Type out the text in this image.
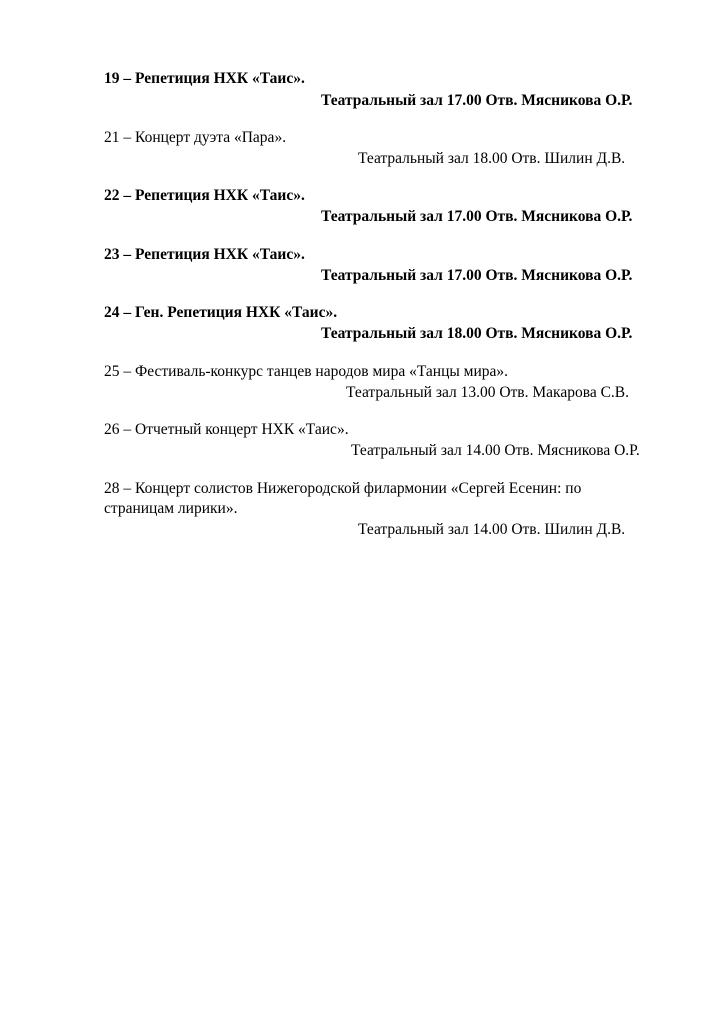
19 – Репетиция НХК «Таис».

Театральный зал 17.00 Отв. Мясникова О.Р.

21 – Концерт дуэта «Пара».

Театральный зал 18.00 Отв. Шилин Д.В.

22 – Репетиция НХК «Таис».

Театральный зал 17.00 Отв. Мясникова О.Р.

23 – Репетиция НХК «Таис».

Театральный зал 17.00 Отв. Мясникова О.Р.

24 – Ген. Репетиция НХК «Таис».

Театральный зал 18.00 Отв. Мясникова О.Р.

25 – Фестиваль-конкурс танцев народов мира «Танцы мира».

Театральный зал 13.00 Отв. Макарова С.В.

26 – Отчетный концерт НХК «Таис».

Театральный зал 14.00 Отв. Мясникова О.Р.

28 – Концерт солистов Нижегородской филармонии «Сергей Есенин: по

страницам лирики».

Театральный зал 14.00 Отв. Шилин Д.В.
